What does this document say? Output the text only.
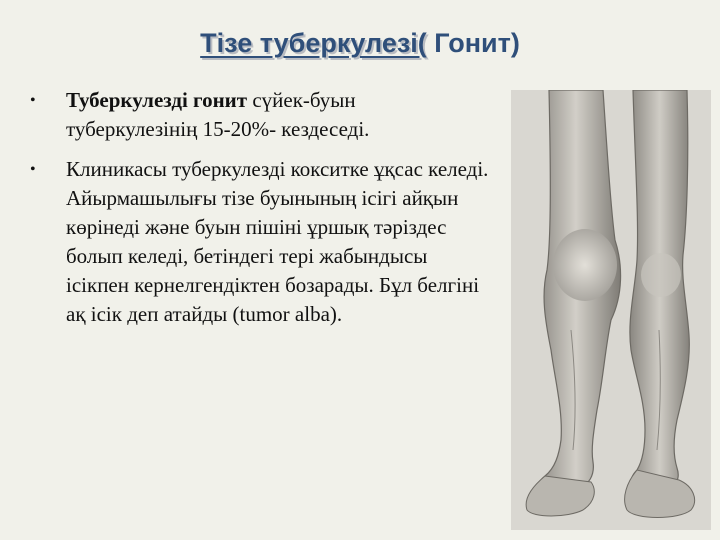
Тізе туберкулезі( Гонит)
• Туберкулезді гонит сүйек-буын туберкулезінің 15-20%- кездеседі.
• Клиникасы туберкулезді кокситке ұқсас келеді. Айырмашылығы тізе буынының ісігі айқын көрінеді және буын пішіні ұршық тәріздес болып келеді, бетіндегі тері жабындысы ісікпен кернелгендіктен бозарады. Бұл белгіні ақ ісік деп атайды (tumor alba).
